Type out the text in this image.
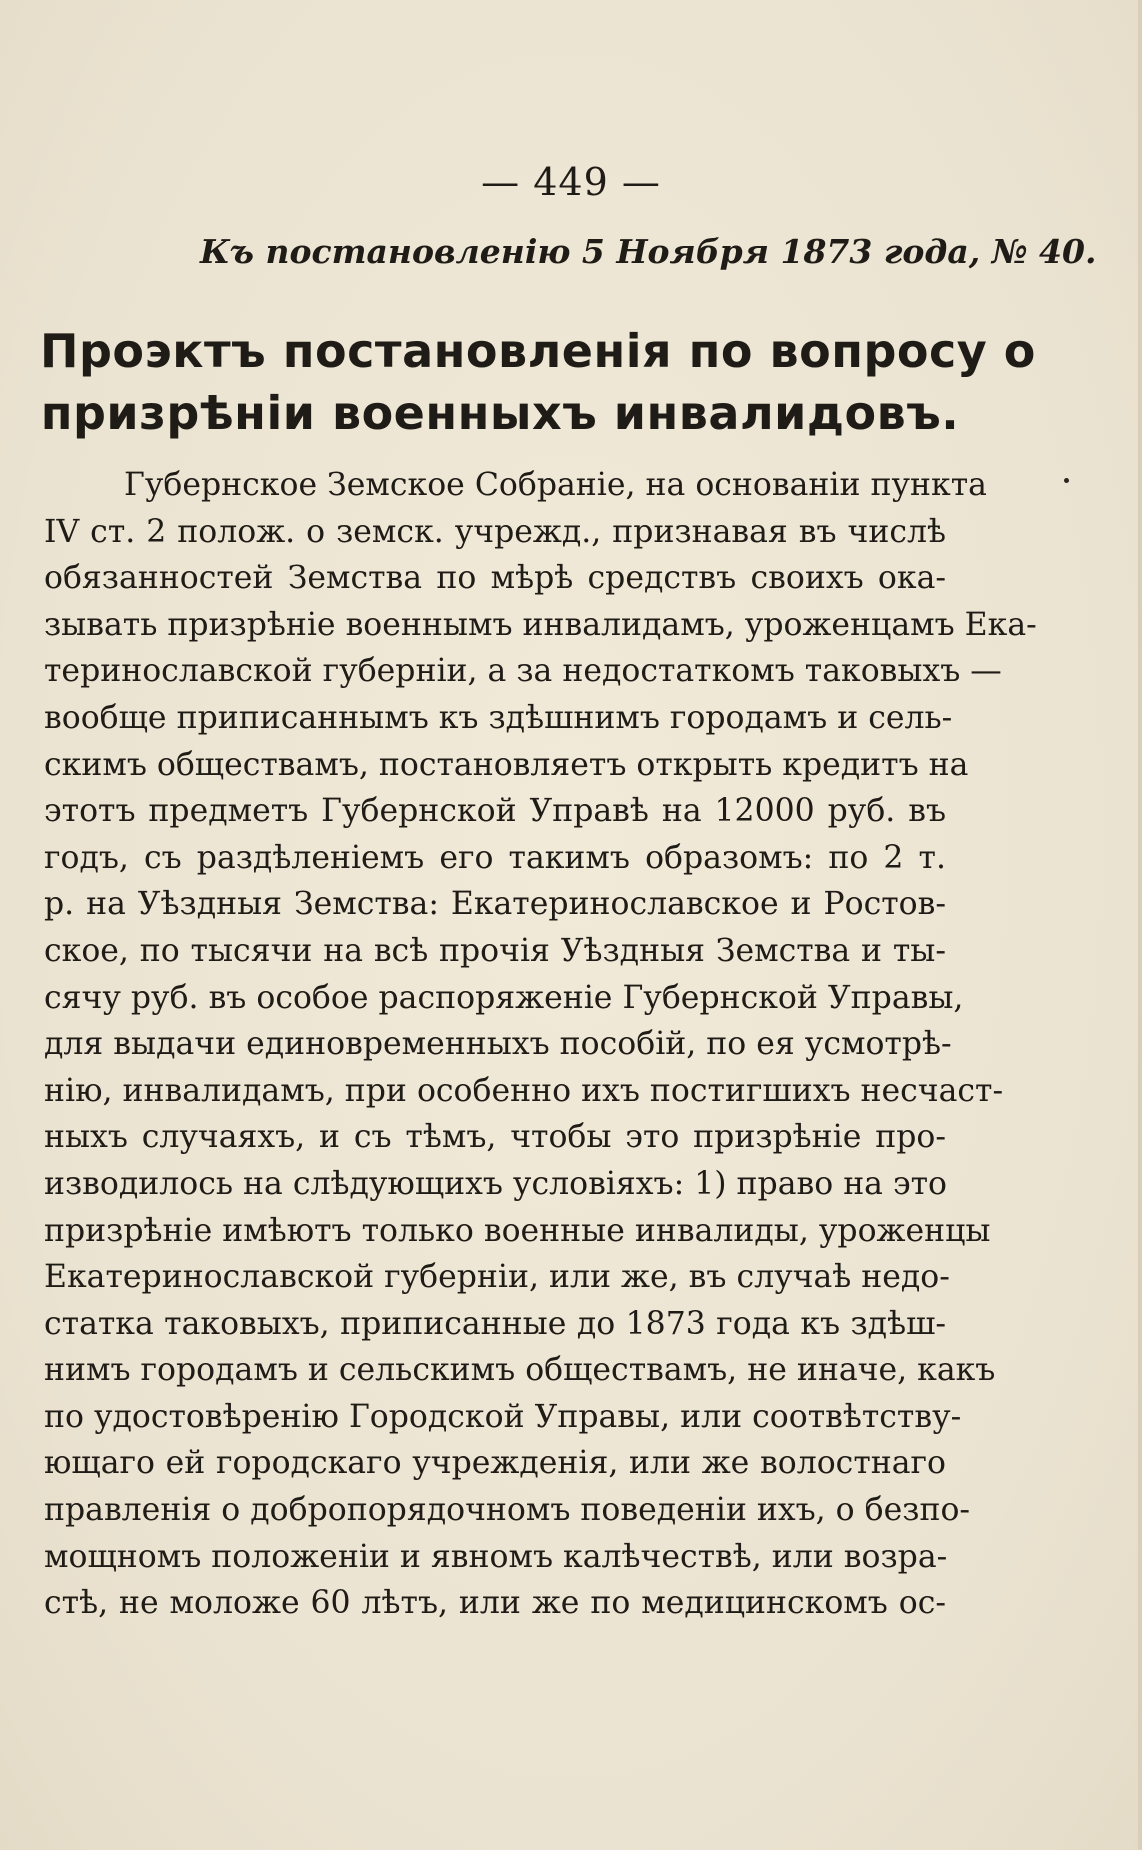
— 449 —
Къ постановленію 5 Ноября 1873 года, № 40.
Проэктъ постановленія по вопросу о
призрѣніи военныхъ инвалидовъ.
Губернское Земское Собраніе, на основаніи пункта
IV ст. 2 полож. о земск. учрежд., признавая въ числѣ
обязанностей Земства по мѣрѣ средствъ своихъ ока-
зывать призрѣніе военнымъ инвалидамъ, уроженцамъ Ека-
теринославской губерніи, а за недостаткомъ таковыхъ —
вообще приписаннымъ къ здѣшнимъ городамъ и сель-
скимъ обществамъ, постановляетъ открыть кредитъ на
этотъ предметъ Губернской Управѣ на 12000 руб. въ
годъ, съ раздѣленіемъ его такимъ образомъ: по 2 т.
р. на Уѣздныя Земства: Екатеринославское и Ростов-
ское, по тысячи на всѣ прочія Уѣздныя Земства и ты-
сячу руб. въ особое распоряженіе Губернской Управы,
для выдачи единовременныхъ пособій, по ея усмотрѣ-
нію, инвалидамъ, при особенно ихъ постигшихъ несчаст-
ныхъ случаяхъ, и съ тѣмъ, чтобы это призрѣніе про-
изводилось на слѣдующихъ условіяхъ: 1) право на это
призрѣніе имѣютъ только военные инвалиды, уроженцы
Екатеринославской губерніи, или же, въ случаѣ недо-
статка таковыхъ, приписанные до 1873 года къ здѣш-
нимъ городамъ и сельскимъ обществамъ, не иначе, какъ
по удостовѣренію Городской Управы, или соотвѣтству-
ющаго ей городскаго учрежденія, или же волостнаго
правленія о добропорядочномъ поведеніи ихъ, о безпо-
мощномъ положеніи и явномъ калѣчествѣ, или возра-
стѣ, не моложе 60 лѣтъ, или же по медицинскомъ ос-
